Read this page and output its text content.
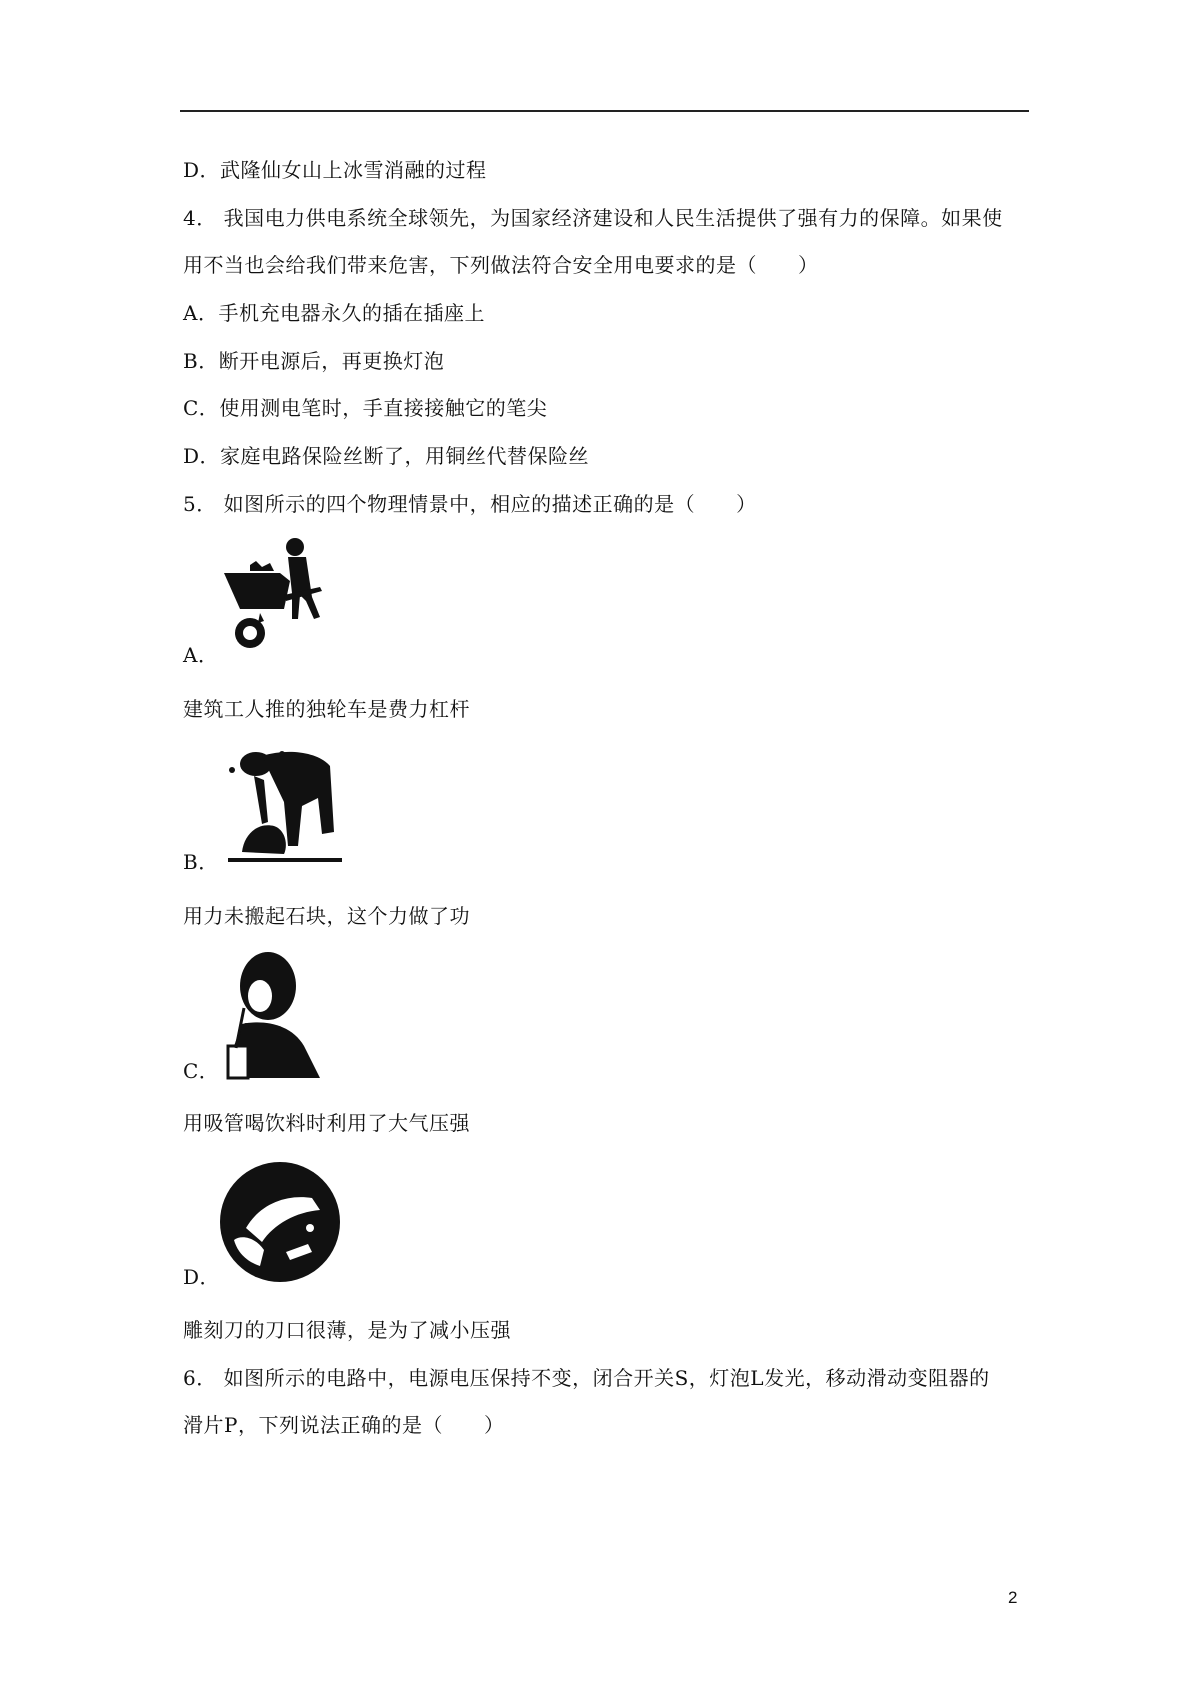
D．武隆仙女山上冰雪消融的过程
4． 我国电力供电系统全球领先，为国家经济建设和人民生活提供了强有力的保障。如果使
用不当也会给我们带来危害，下列做法符合安全用电要求的是（　　）
A．手机充电器永久的插在插座上
B．断开电源后，再更换灯泡
C．使用测电笔时，手直接接触它的笔尖
D．家庭电路保险丝断了，用铜丝代替保险丝
5． 如图所示的四个物理情景中，相应的描述正确的是（　　）
A．
建筑工人推的独轮车是费力杠杆
B．
用力未搬起石块，这个力做了功
C．
用吸管喝饮料时利用了大气压强
D．
雕刻刀的刀口很薄，是为了减小压强
6． 如图所示的电路中，电源电压保持不变，闭合开关S，灯泡L发光，移动滑动变阻器的
滑片P，下列说法正确的是（　　）
2
